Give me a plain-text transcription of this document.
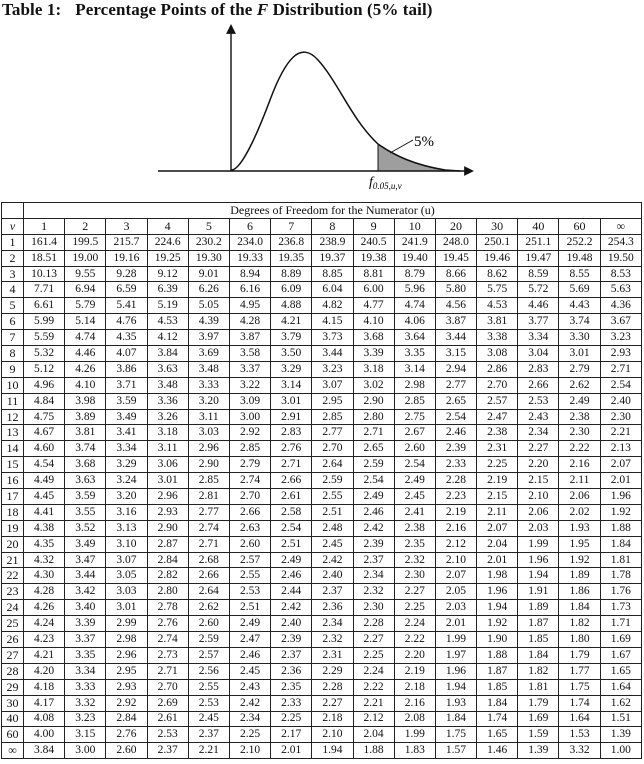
Table 1: Percentage Points of the F Distribution (5% tail)
5%
$f_{0.05,u,\nu}$
	Degrees of Freedom for the Numerator (u)														
ν	1	2	3	4	5	6	7	8	9	10	20	30	40	60	∞
1	161.4	199.5	215.7	224.6	230.2	234.0	236.8	238.9	240.5	241.9	248.0	250.1	251.1	252.2	254.3
2	18.51	19.00	19.16	19.25	19.30	19.33	19.35	19.37	19.38	19.40	19.45	19.46	19.47	19.48	19.50
3	10.13	9.55	9.28	9.12	9.01	8.94	8.89	8.85	8.81	8.79	8.66	8.62	8.59	8.55	8.53
4	7.71	6.94	6.59	6.39	6.26	6.16	6.09	6.04	6.00	5.96	5.80	5.75	5.72	5.69	5.63
5	6.61	5.79	5.41	5.19	5.05	4.95	4.88	4.82	4.77	4.74	4.56	4.53	4.46	4.43	4.36
6	5.99	5.14	4.76	4.53	4.39	4.28	4.21	4.15	4.10	4.06	3.87	3.81	3.77	3.74	3.67
7	5.59	4.74	4.35	4.12	3.97	3.87	3.79	3.73	3.68	3.64	3.44	3.38	3.34	3.30	3.23
8	5.32	4.46	4.07	3.84	3.69	3.58	3.50	3.44	3.39	3.35	3.15	3.08	3.04	3.01	2.93
9	5.12	4.26	3.86	3.63	3.48	3.37	3.29	3.23	3.18	3.14	2.94	2.86	2.83	2.79	2.71
10	4.96	4.10	3.71	3.48	3.33	3.22	3.14	3.07	3.02	2.98	2.77	2.70	2.66	2.62	2.54
11	4.84	3.98	3.59	3.36	3.20	3.09	3.01	2.95	2.90	2.85	2.65	2.57	2.53	2.49	2.40
12	4.75	3.89	3.49	3.26	3.11	3.00	2.91	2.85	2.80	2.75	2.54	2.47	2.43	2.38	2.30
13	4.67	3.81	3.41	3.18	3.03	2.92	2.83	2.77	2.71	2.67	2.46	2.38	2.34	2.30	2.21
14	4.60	3.74	3.34	3.11	2.96	2.85	2.76	2.70	2.65	2.60	2.39	2.31	2.27	2.22	2.13
15	4.54	3.68	3.29	3.06	2.90	2.79	2.71	2.64	2.59	2.54	2.33	2.25	2.20	2.16	2.07
16	4.49	3.63	3.24	3.01	2.85	2.74	2.66	2.59	2.54	2.49	2.28	2.19	2.15	2.11	2.01
17	4.45	3.59	3.20	2.96	2.81	2.70	2.61	2.55	2.49	2.45	2.23	2.15	2.10	2.06	1.96
18	4.41	3.55	3.16	2.93	2.77	2.66	2.58	2.51	2.46	2.41	2.19	2.11	2.06	2.02	1.92
19	4.38	3.52	3.13	2.90	2.74	2.63	2.54	2.48	2.42	2.38	2.16	2.07	2.03	1.93	1.88
20	4.35	3.49	3.10	2.87	2.71	2.60	2.51	2.45	2.39	2.35	2.12	2.04	1.99	1.95	1.84
21	4.32	3.47	3.07	2.84	2.68	2.57	2.49	2.42	2.37	2.32	2.10	2.01	1.96	1.92	1.81
22	4.30	3.44	3.05	2.82	2.66	2.55	2.46	2.40	2.34	2.30	2.07	1.98	1.94	1.89	1.78
23	4.28	3.42	3.03	2.80	2.64	2.53	2.44	2.37	2.32	2.27	2.05	1.96	1.91	1.86	1.76
24	4.26	3.40	3.01	2.78	2.62	2.51	2.42	2.36	2.30	2.25	2.03	1.94	1.89	1.84	1.73
25	4.24	3.39	2.99	2.76	2.60	2.49	2.40	2.34	2.28	2.24	2.01	1.92	1.87	1.82	1.71
26	4.23	3.37	2.98	2.74	2.59	2.47	2.39	2.32	2.27	2.22	1.99	1.90	1.85	1.80	1.69
27	4.21	3.35	2.96	2.73	2.57	2.46	2.37	2.31	2.25	2.20	1.97	1.88	1.84	1.79	1.67
28	4.20	3.34	2.95	2.71	2.56	2.45	2.36	2.29	2.24	2.19	1.96	1.87	1.82	1.77	1.65
29	4.18	3.33	2.93	2.70	2.55	2.43	2.35	2.28	2.22	2.18	1.94	1.85	1.81	1.75	1.64
30	4.17	3.32	2.92	2.69	2.53	2.42	2.33	2.27	2.21	2.16	1.93	1.84	1.79	1.74	1.62
40	4.08	3.23	2.84	2.61	2.45	2.34	2.25	2.18	2.12	2.08	1.84	1.74	1.69	1.64	1.51
60	4.00	3.15	2.76	2.53	2.37	2.25	2.17	2.10	2.04	1.99	1.75	1.65	1.59	1.53	1.39
∞	3.84	3.00	2.60	2.37	2.21	2.10	2.01	1.94	1.88	1.83	1.57	1.46	1.39	3.32	1.00
